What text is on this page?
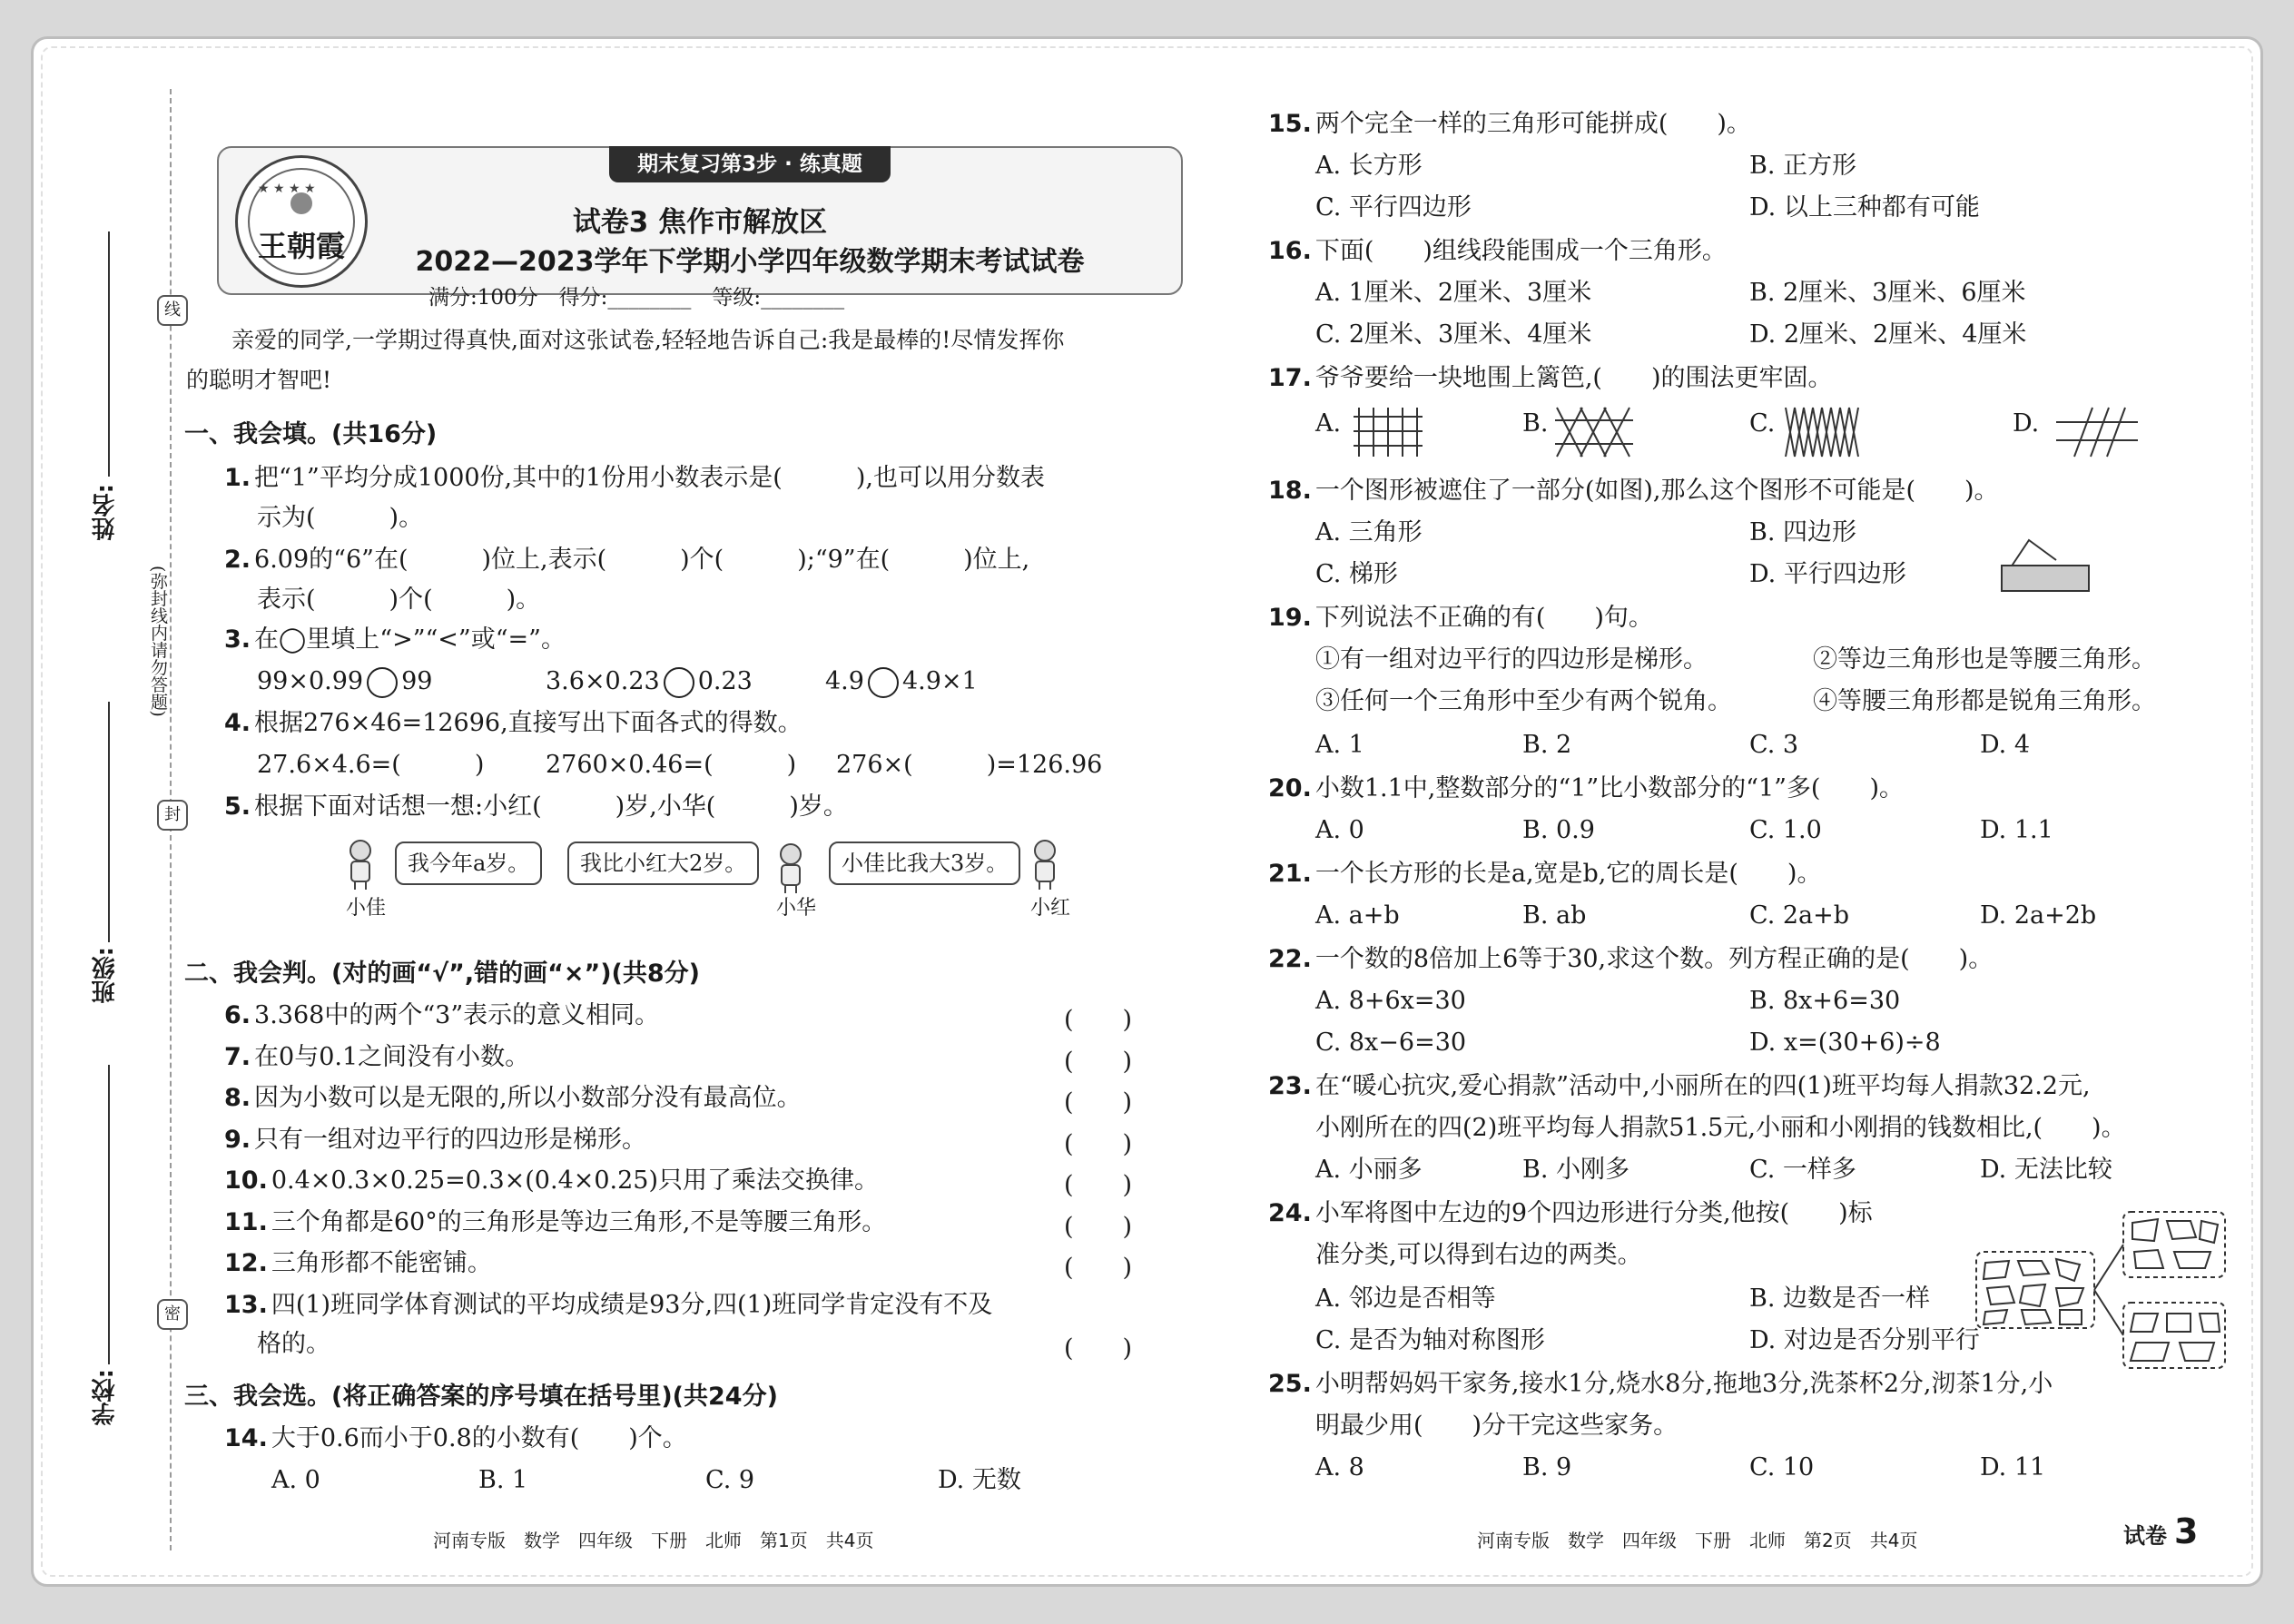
线
封
密
(弥封线内请勿答题)
姓名:
班级:
学校:
期末复习第3步 · 练真题
★ ★ ★ ★
王朝霞
试卷3 焦作市解放区
2022—2023学年下学期小学四年级数学期末考试试卷
满分:100分　得分:________　等级:________
亲爱的同学,一学期过得真快,面对这张试卷,轻轻地告诉自己:我是最棒的!尽情发挥你
的聪明才智吧!
一、我会填。(共16分)
1. 把“1”平均分成1000份,其中的1份用小数表示是(　　　),也可以用分数表
示为(　　　)。
2. 6.09的“6”在(　　　)位上,表示(　　　)个(　　　);“9”在(　　　)位上,
表示(　　　)个(　　　)。
3. 在◯里填上“>”“<”或“=”。
99×0.99 99	3.6×0.23 0.23	4.9 4.9×1
4. 根据276×46=12696,直接写出下面各式的得数。
27.6×4.6=(　　　)	2760×0.46=(　　　) 276×(　　　)=126.96
5. 根据下面对话想一想:小红(　　　)岁,小华(　　　)岁。
我今年a岁。	我比小红大2岁。	小佳比我大3岁。
小佳	小华	小红
二、我会判。(对的画“√”,错的画“×”)(共8分)
6. 3.368中的两个“3”表示的意义相同。	(　　)
7. 在0与0.1之间没有小数。	(　　)
8. 因为小数可以是无限的,所以小数部分没有最高位。	(　　)
9. 只有一组对边平行的四边形是梯形。	(　　)
10. 0.4×0.3×0.25=0.3×(0.4×0.25)只用了乘法交换律。	(　　)
11. 三个角都是60°的三角形是等边三角形,不是等腰三角形。	(　　)
12. 三角形都不能密铺。	(　　)
13. 四(1)班同学体育测试的平均成绩是93分,四(1)班同学肯定没有不及
格的。	(　　)
三、我会选。(将正确答案的序号填在括号里)(共24分)
14. 大于0.6而小于0.8的小数有(　　)个。
A. 0	B. 1	C. 9	D. 无数
河南专版　数学　四年级　下册　北师　第1页　共4页
15. 两个完全一样的三角形可能拼成(　　)。
A. 长方形	B. 正方形
C. 平行四边形	D. 以上三种都有可能
16. 下面(　　)组线段能围成一个三角形。
A. 1厘米、2厘米、3厘米	B. 2厘米、3厘米、6厘米
C. 2厘米、3厘米、4厘米	D. 2厘米、2厘米、4厘米
17. 爷爷要给一块地围上篱笆,(　　)的围法更牢固。
A.	B.	C.	D.
18. 一个图形被遮住了一部分(如图),那么这个图形不可能是(　　)。
A. 三角形	B. 四边形
C. 梯形	D. 平行四边形
19. 下列说法不正确的有(　　)句。
①有一组对边平行的四边形是梯形。	②等边三角形也是等腰三角形。
③任何一个三角形中至少有两个锐角。	④等腰三角形都是锐角三角形。
A. 1	B. 2	C. 3	D. 4
20. 小数1.1中,整数部分的“1”比小数部分的“1”多(　　)。
A. 0	B. 0.9	C. 1.0	D. 1.1
21. 一个长方形的长是a,宽是b,它的周长是(　　)。
A. a+b	B. ab	C. 2a+b	D. 2a+2b
22. 一个数的8倍加上6等于30,求这个数。列方程正确的是(　　)。
A. 8+6x=30	B. 8x+6=30
C. 8x−6=30	D. x=(30+6)÷8
23. 在“暖心抗灾,爱心捐款”活动中,小丽所在的四(1)班平均每人捐款32.2元,
小刚所在的四(2)班平均每人捐款51.5元,小丽和小刚捐的钱数相比,(　　)。
A. 小丽多	B. 小刚多	C. 一样多	D. 无法比较
24. 小军将图中左边的9个四边形进行分类,他按(　　)标
准分类,可以得到右边的两类。
A. 邻边是否相等	B. 边数是否一样
C. 是否为轴对称图形	D. 对边是否分别平行
25. 小明帮妈妈干家务,接水1分,烧水8分,拖地3分,洗茶杯2分,沏茶1分,小
明最少用(　　)分干完这些家务。
A. 8	B. 9	C. 10	D. 11
河南专版　数学　四年级　下册　北师　第2页　共4页	试卷 3
